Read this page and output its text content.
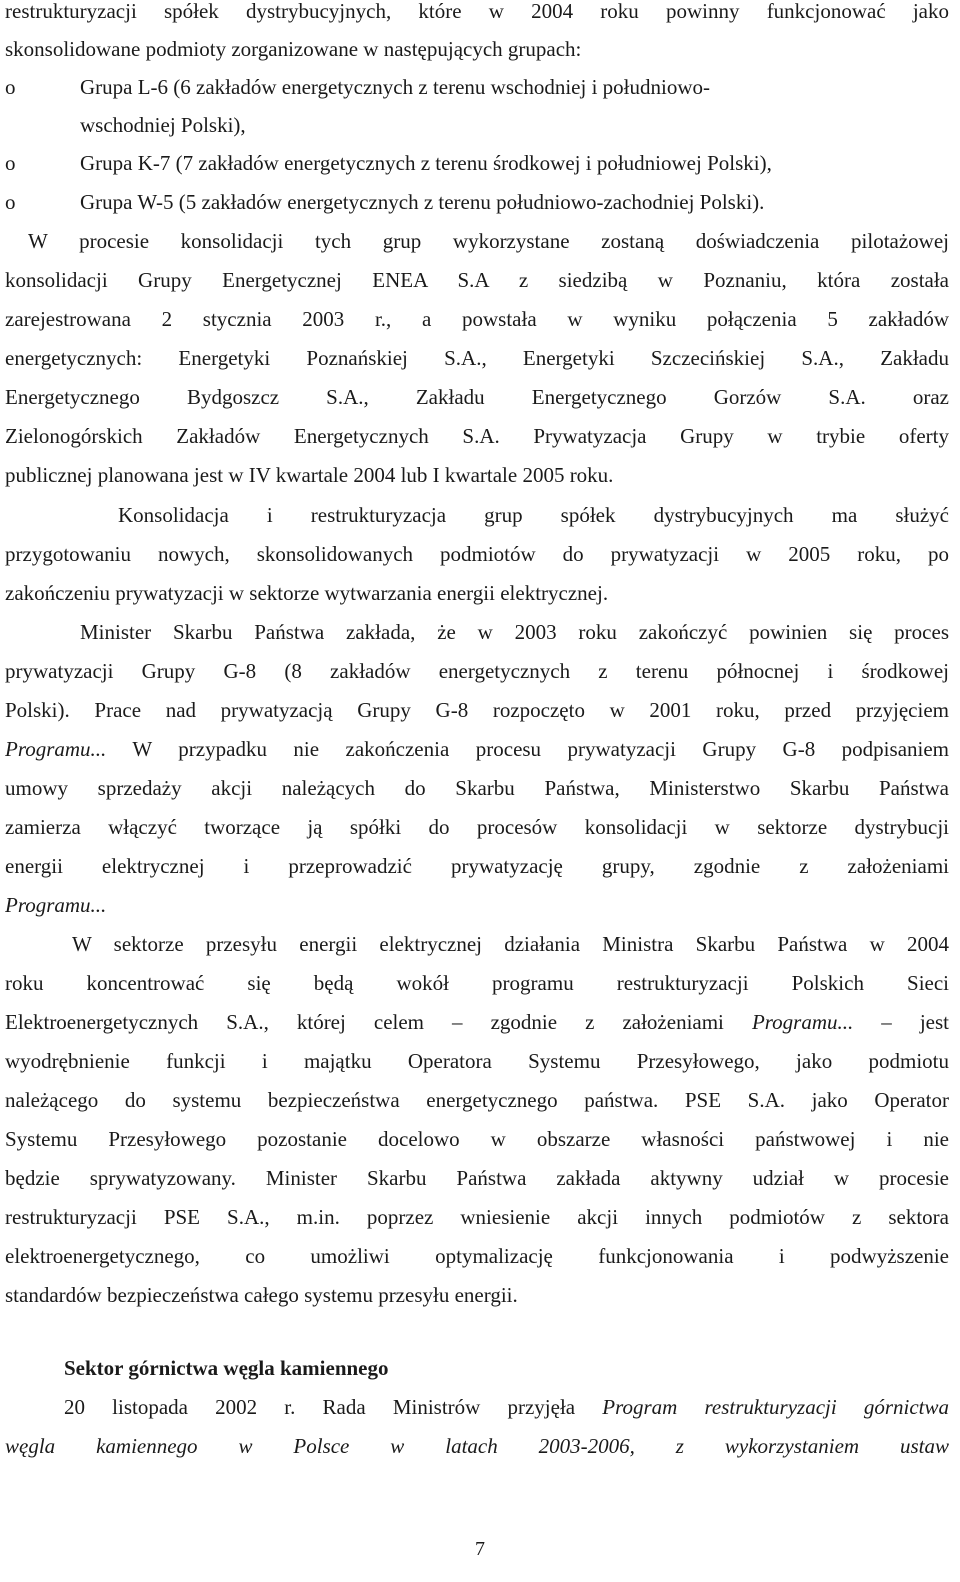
restrukturyzacji spółek dystrybucyjnych, które w 2004 roku powinny funkcjonować jako
skonsolidowane podmioty zorganizowane w następujących grupach:
o	Grupa L-6 (6 zakładów energetycznych z terenu wschodniej i południowo-
wschodniej Polski),
o	Grupa K-7 (7 zakładów energetycznych z terenu środkowej i południowej Polski),
o	Grupa W-5 (5 zakładów energetycznych z terenu południowo-zachodniej Polski).
W procesie konsolidacji tych grup wykorzystane zostaną doświadczenia pilotażowej
konsolidacji Grupy Energetycznej ENEA S.A z siedzibą w Poznaniu, która została
zarejestrowana 2 stycznia 2003 r., a powstała w wyniku połączenia 5 zakładów
energetycznych: Energetyki Poznańskiej S.A., Energetyki Szczecińskiej S.A., Zakładu
Energetycznego Bydgoszcz S.A., Zakładu Energetycznego Gorzów S.A. oraz
Zielonogórskich Zakładów Energetycznych S.A. Prywatyzacja Grupy w trybie oferty
publicznej planowana jest w IV kwartale 2004 lub I kwartale 2005 roku.
Konsolidacja i restrukturyzacja grup spółek dystrybucyjnych ma służyć
przygotowaniu nowych, skonsolidowanych podmiotów do prywatyzacji w 2005 roku, po
zakończeniu prywatyzacji w sektorze wytwarzania energii elektrycznej.
Minister Skarbu Państwa zakłada, że w 2003 roku zakończyć powinien się proces
prywatyzacji Grupy G-8 (8 zakładów energetycznych z terenu północnej i środkowej
Polski). Prace nad prywatyzacją Grupy G-8 rozpoczęto w 2001 roku, przed przyjęciem
Programu... W przypadku nie zakończenia procesu prywatyzacji Grupy G-8 podpisaniem
umowy sprzedaży akcji należących do Skarbu Państwa, Ministerstwo Skarbu Państwa
zamierza włączyć tworzące ją spółki do procesów konsolidacji w sektorze dystrybucji
energii elektrycznej i przeprowadzić prywatyzację grupy, zgodnie z założeniami
Programu...
W sektorze przesyłu energii elektrycznej działania Ministra Skarbu Państwa w 2004
roku koncentrować się będą wokół programu restrukturyzacji Polskich Sieci
Elektroenergetycznych S.A., której celem – zgodnie z założeniami Programu... – jest
wyodrębnienie funkcji i majątku Operatora Systemu Przesyłowego, jako podmiotu
należącego do systemu bezpieczeństwa energetycznego państwa. PSE S.A. jako Operator
Systemu Przesyłowego pozostanie docelowo w obszarze własności państwowej i nie
będzie sprywatyzowany. Minister Skarbu Państwa zakłada aktywny udział w procesie
restrukturyzacji PSE S.A., m.in. poprzez wniesienie akcji innych podmiotów z sektora
elektroenergetycznego, co umożliwi optymalizację funkcjonowania i podwyższenie
standardów bezpieczeństwa całego systemu przesyłu energii.
Sektor górnictwa węgla kamiennego
20 listopada 2002 r. Rada Ministrów przyjęła Program restrukturyzacji górnictwa
węgla kamiennego w Polsce w latach 2003-2006, z wykorzystaniem ustaw
7
